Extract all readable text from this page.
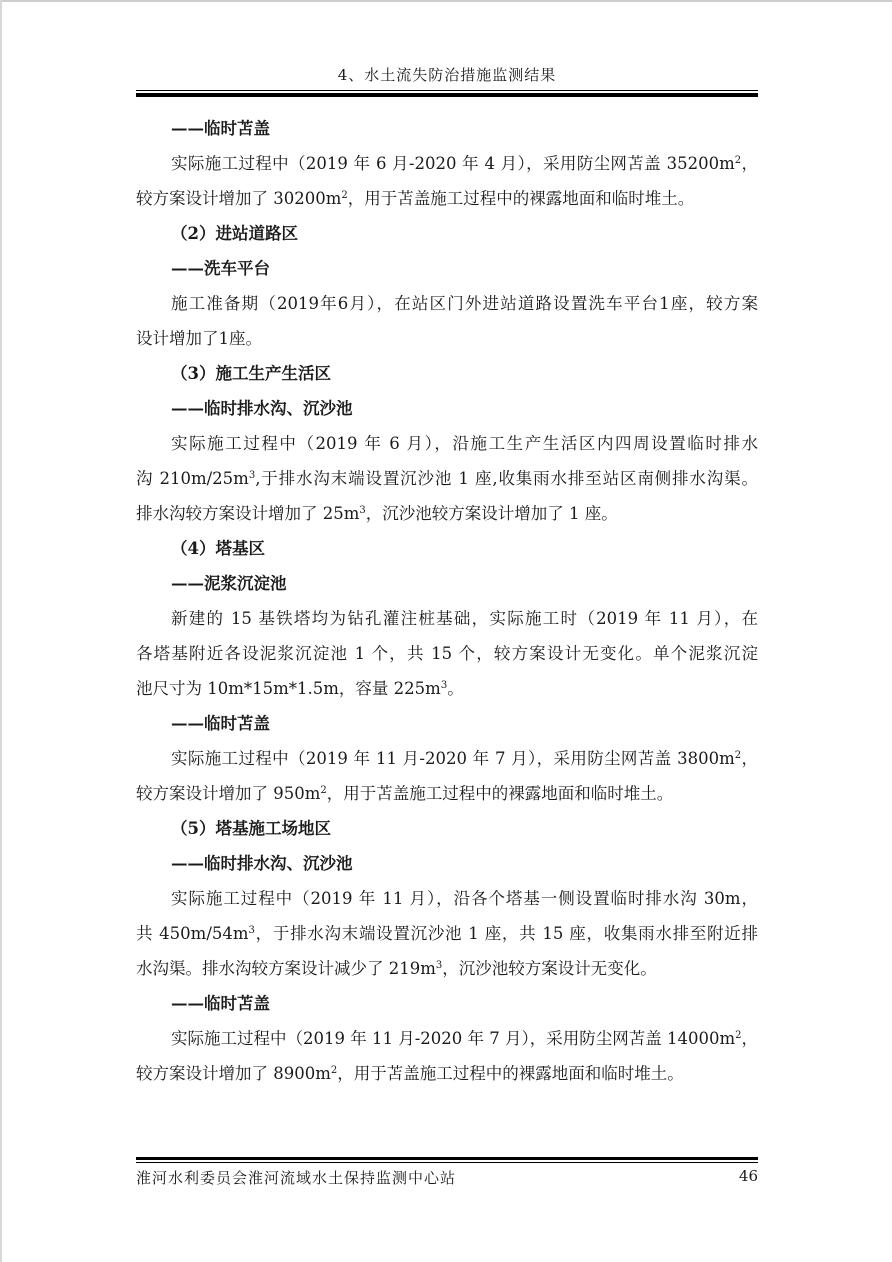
4、水土流失防治措施监测结果
——临时苫盖
实际施工过程中（2019 年 6 月-2020 年 4 月），采用防尘网苫盖 $35200m^2$，
较方案设计增加了 $30200m^2$，用于苫盖施工过程中的裸露地面和临时堆土。
（2）进站道路区
——洗车平台
施工准备期（2019年6月），在站区门外进站道路设置洗车平台1座，较方案
设计增加了1座。
（3）施工生产生活区
——临时排水沟、沉沙池
实际施工过程中（2019 年 6 月），沿施工生产生活区内四周设置临时排水
沟 $210m/25m^3$,于排水沟末端设置沉沙池 1 座,收集雨水排至站区南侧排水沟渠。
排水沟较方案设计增加了 $25m^3$，沉沙池较方案设计增加了 1 座。
（4）塔基区
——泥浆沉淀池
新建的 15 基铁塔均为钻孔灌注桩基础，实际施工时（2019 年 11 月），在
各塔基附近各设泥浆沉淀池 1 个，共 15 个，较方案设计无变化。单个泥浆沉淀
池尺寸为 10m*15m*1.5m，容量 $225m^3$。
——临时苫盖
实际施工过程中（2019 年 11 月-2020 年 7 月），采用防尘网苫盖 $3800m^2$，
较方案设计增加了 $950m^2$，用于苫盖施工过程中的裸露地面和临时堆土。
（5）塔基施工场地区
——临时排水沟、沉沙池
实际施工过程中（2019 年 11 月），沿各个塔基一侧设置临时排水沟 30m，
共 $450m/54m^3$，于排水沟末端设置沉沙池 1 座，共 15 座，收集雨水排至附近排
水沟渠。排水沟较方案设计减少了 $219m^3$，沉沙池较方案设计无变化。
——临时苫盖
实际施工过程中（2019 年 11 月-2020 年 7 月），采用防尘网苫盖 $14000m^2$，
较方案设计增加了 $8900m^2$，用于苫盖施工过程中的裸露地面和临时堆土。
淮河水利委员会淮河流域水土保持监测中心站	46
